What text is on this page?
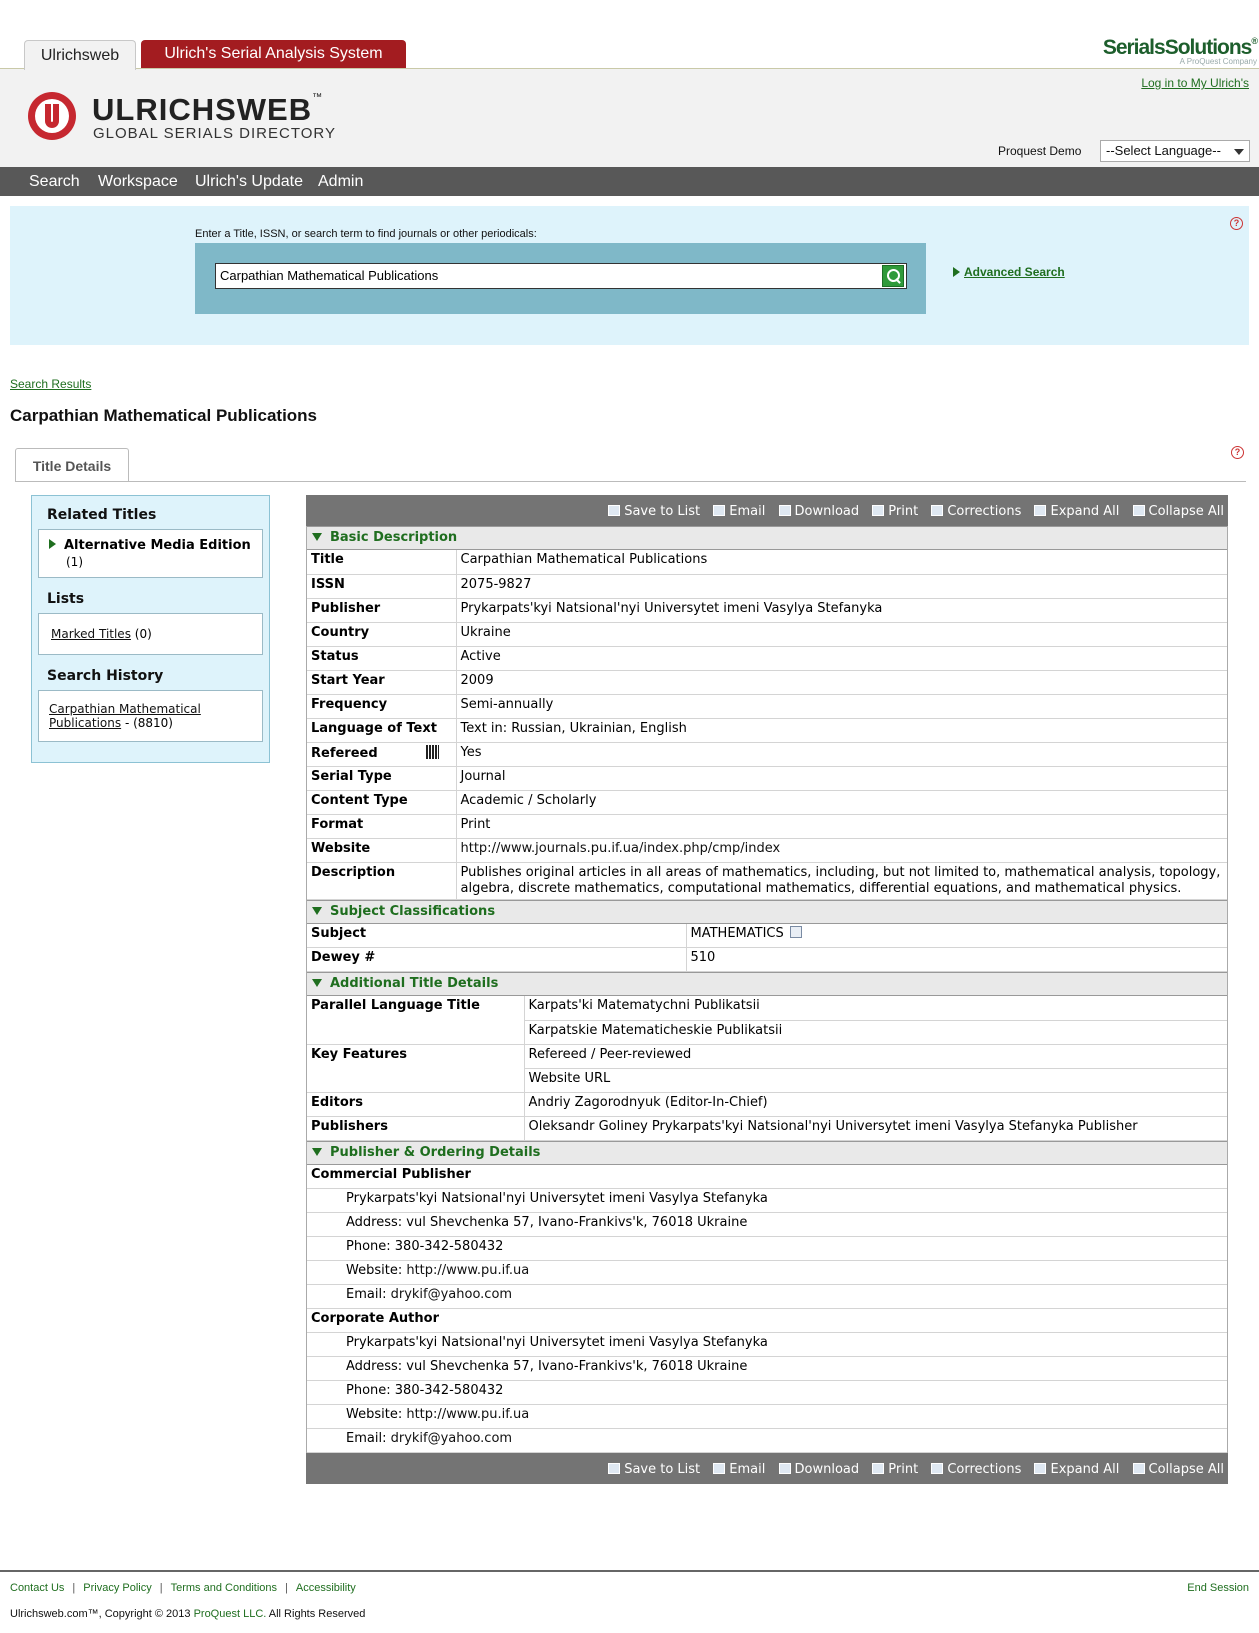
Ulrichsweb	Ulrich's Serial Analysis System	SerialsSolutions®
A ProQuest Company
Log in to My Ulrich's
ULRICHSWEB™
GLOBAL SERIALS DIRECTORY
Proquest Demo	--Select Language--
Search Workspace Ulrich's Update Admin
Enter a Title, ISSN, or search term to find journals or other periodicals:
Carpathian Mathematical Publications	Advanced Search
?
Search Results
Carpathian Mathematical Publications
Title Details
?
Related Titles
Alternative Media Edition
(1)
Lists
Marked Titles (0)
Search History
Carpathian Mathematical
Publications - (8810)
Save to List Email Download Print Corrections Expand All Collapse All
Basic Description
Title	Carpathian Mathematical Publications
ISSN	2075-9827
Publisher	Prykarpats'kyi Natsional'nyi Universytet imeni Vasylya Stefanyka
Country	Ukraine
Status	Active
Start Year	2009
Frequency	Semi-annually
Language of Text	Text in: Russian, Ukrainian, English
Refereed	Yes
Serial Type	Journal
Content Type	Academic / Scholarly
Format	Print
Website	http://www.journals.pu.if.ua/index.php/cmp/index
Description	Publishes original articles in all areas of mathematics, including, but not limited to, mathematical analysis, topology, algebra, discrete mathematics, computational mathematics, differential equations, and mathematical physics.
Subject Classifications
Subject	MATHEMATICS
Dewey #	510
Additional Title Details
Parallel Language Title	Karpats'ki Matematychni Publikatsii
	Karpatskie Matematicheskie Publikatsii
Key Features	Refereed / Peer-reviewed
	Website URL
Editors	Andriy Zagorodnyuk (Editor-In-Chief)
Publishers	Oleksandr Goliney Prykarpats'kyi Natsional'nyi Universytet imeni Vasylya Stefanyka Publisher
Publisher & Ordering Details
Commercial Publisher
Prykarpats'kyi Natsional'nyi Universytet imeni Vasylya Stefanyka
Address: vul Shevchenka 57, Ivano-Frankivs'k, 76018 Ukraine
Phone: 380-342-580432
Website: http://www.pu.if.ua
Email: drykif@yahoo.com
Corporate Author
Prykarpats'kyi Natsional'nyi Universytet imeni Vasylya Stefanyka
Address: vul Shevchenka 57, Ivano-Frankivs'k, 76018 Ukraine
Phone: 380-342-580432
Website: http://www.pu.if.ua
Email: drykif@yahoo.com
Save to List Email Download Print Corrections Expand All Collapse All
Contact Us | Privacy Policy | Terms and Conditions | Accessibility	End Session
Ulrichsweb.com™, Copyright © 2013 ProQuest LLC. All Rights Reserved
